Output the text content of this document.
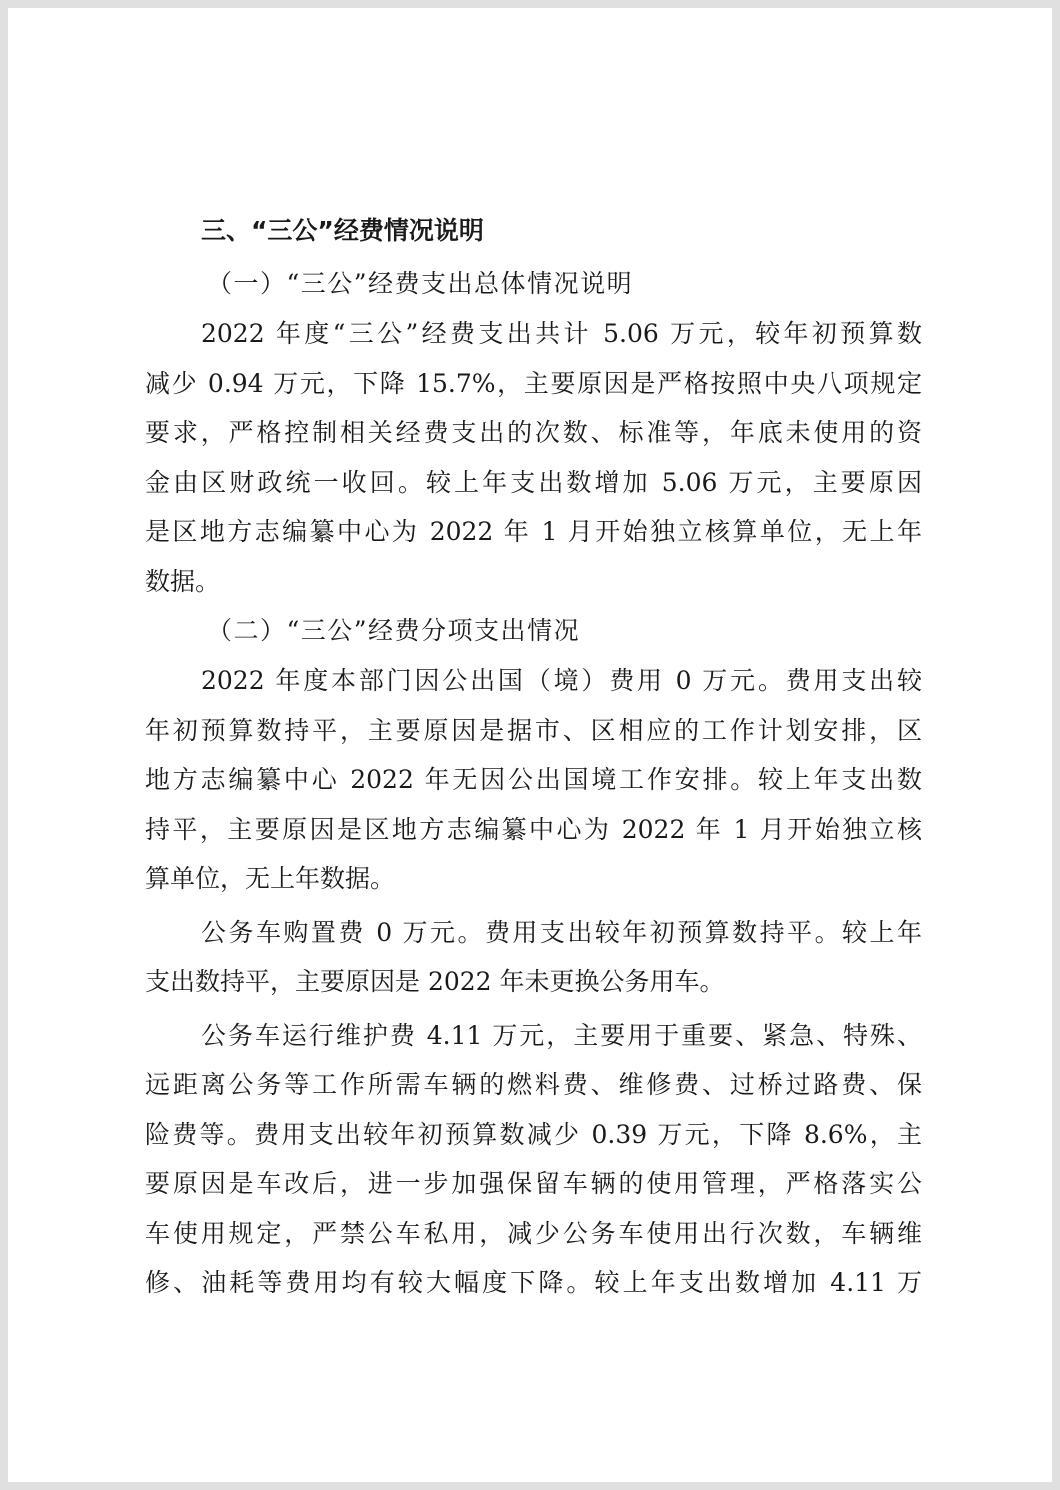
三、“三公”经费情况说明
（一）“三公”经费支出总体情况说明
2022 年度“三公”经费支出共计 5.06 万元，较年初预算数
减少 0.94 万元，下降 15.7%，主要原因是严格按照中央八项规定
要求，严格控制相关经费支出的次数、标准等，年底未使用的资
金由区财政统一收回。较上年支出数增加 5.06 万元，主要原因
是区地方志编纂中心为 2022 年 1 月开始独立核算单位，无上年
数据。
（二）“三公”经费分项支出情况
2022 年度本部门因公出国（境）费用 0 万元。费用支出较
年初预算数持平，主要原因是据市、区相应的工作计划安排，区
地方志编纂中心 2022 年无因公出国境工作安排。较上年支出数
持平，主要原因是区地方志编纂中心为 2022 年 1 月开始独立核
算单位，无上年数据。
公务车购置费 0 万元。费用支出较年初预算数持平。较上年
支出数持平，主要原因是 2022 年未更换公务用车。
公务车运行维护费 4.11 万元，主要用于重要、紧急、特殊、
远距离公务等工作所需车辆的燃料费、维修费、过桥过路费、保
险费等。费用支出较年初预算数减少 0.39 万元，下降 8.6%，主
要原因是车改后，进一步加强保留车辆的使用管理，严格落实公
车使用规定，严禁公车私用，减少公务车使用出行次数，车辆维
修、油耗等费用均有较大幅度下降。较上年支出数增加 4.11 万
